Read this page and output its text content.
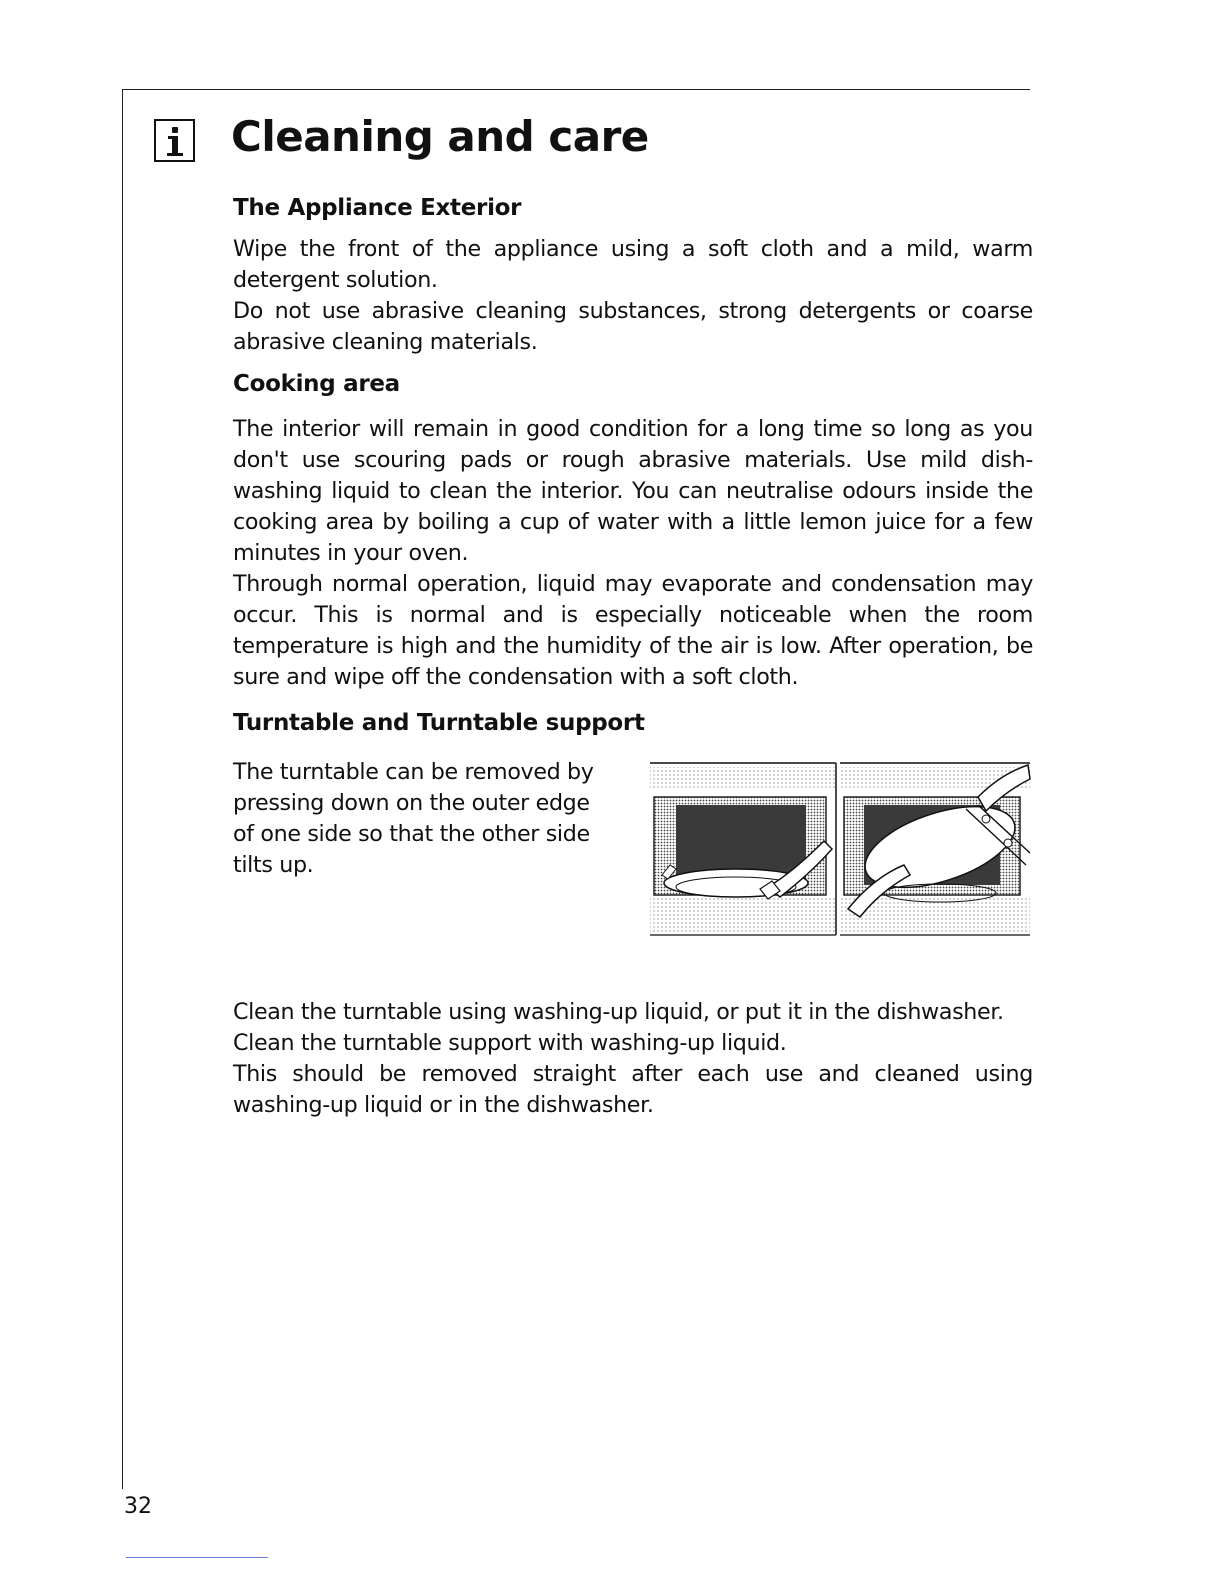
Cleaning and care
The Appliance Exterior

Wipe the front of the appliance using a soft cloth and a mild, warm detergent solution.

Do not use abrasive cleaning substances, strong detergents or coarse abrasive cleaning materials.

Cooking area

The interior will remain in good condition for a long time so long as you don't use scouring pads or rough abrasive materials. Use mild dish-washing liquid to clean the interior. You can neutralise odours inside the cooking area by boiling a cup of water with a little lemon juice for a few minutes in your oven.

Through normal operation, liquid may evaporate and condensation may occur. This is normal and is especially noticeable when the room temperature is high and the humidity of the air is low. After operation, be sure and wipe off the condensation with a soft cloth.

Turntable and Turntable support

The turntable can be removed by pressing down on the outer edge of one side so that the other side tilts up.

Clean the turntable using washing-up liquid, or put it in the dishwasher.

Clean the turntable support with washing-up liquid.

This should be removed straight after each use and cleaned using washing-up liquid or in the dishwasher.

32
